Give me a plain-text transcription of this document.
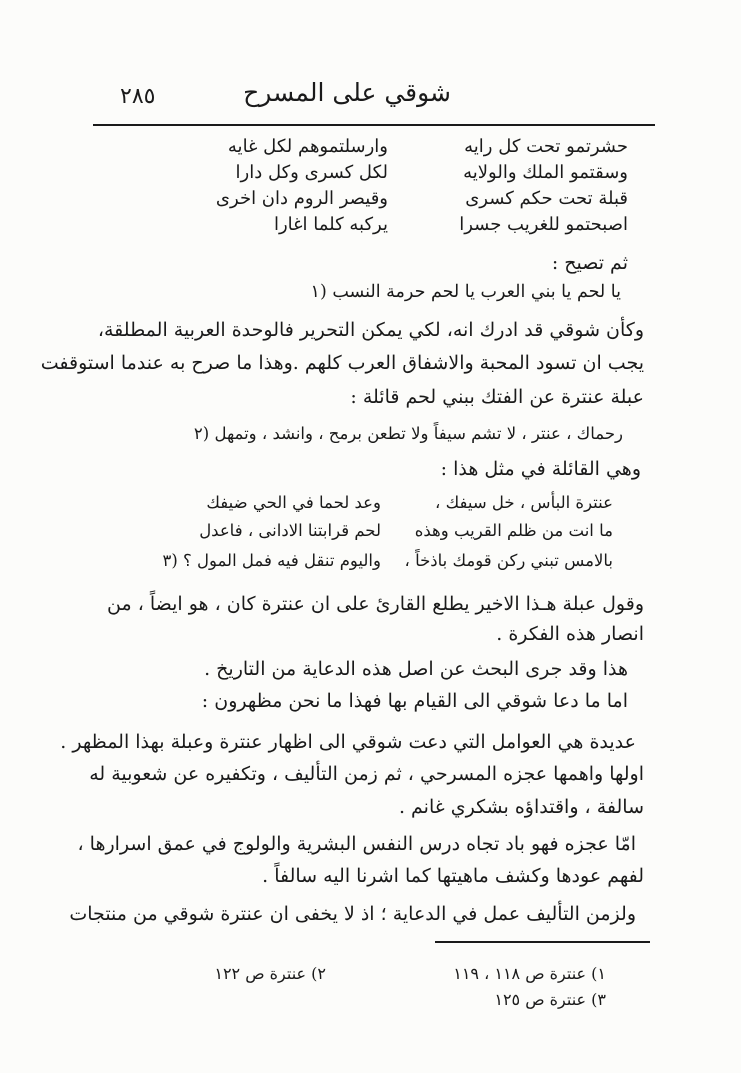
شوقي على المسرح
٢٨٥
حشرتمو تحت كل رايه
وارسلتموهم لكل غايه
وسقتمو الملك والولايه
لكل كسرى وكل دارا
قبلة تحت حكم كسرى
وقيصر الروم دان اخرى
اصبحتمو للغريب جسرا
يركبه كلما اغارا
ثم تصيح :
يا لحم يا بني العرب يا لحم حرمة النسب (١
وكأن شوقي قد ادرك انه، لكي يمكن التحرير فالوحدة العربية المطلقة،
يجب ان تسود المحبة والاشفاق العرب كلهم .وهذا ما صرح به عندما استوقفت
عبلة عنترة عن الفتك ببني لحم قائلة :
رحماك ، عنتر ، لا تشم سيفاً ولا تطعن برمح ، وانشد ، وتمهل (٢
وهي القائلة في مثل هذا :
عنترة البأس ، خل سيفك ،
وعد لحما في الحي ضيفك
ما انت من ظلم القريب وهذه
لحم قرابتنا الادانى ، فاعدل
بالامس تبني ركن قومك باذخاً ،
واليوم تنقل فيه فمل المول ؟ (٣
وقول عبلة هـذا الاخير يطلع القارئ على ان عنترة كان ، هو ايضاً ، من
انصار هذه الفكرة .
هذا وقد جرى البحث عن اصل هذه الدعاية من التاريخ .
اما ما دعا شوقي الى القيام بها فهذا ما نحن مظهرون :
عديدة هي العوامل التي دعت شوقي الى اظهار عنترة وعبلة بهذا المظهر .
اولها واهمها عجزه المسرحي ، ثم زمن التأليف ، وتكفيره عن شعوبية له
سالفة ، واقتداؤه بشكري غانم .
امّا عجزه فهو باد تجاه درس النفس البشرية والولوج في عمق اسرارها ،
لفهم عودها وكشف ماهيتها كما اشرنا اليه سالفاً .
ولزمن التأليف عمل في الدعاية ؛ اذ لا يخفى ان عنترة شوقي من منتجات
١) عنترة ص ١١٨ ، ١١٩
٢) عنترة ص ١٢٢
٣) عنترة ص ١٢٥
